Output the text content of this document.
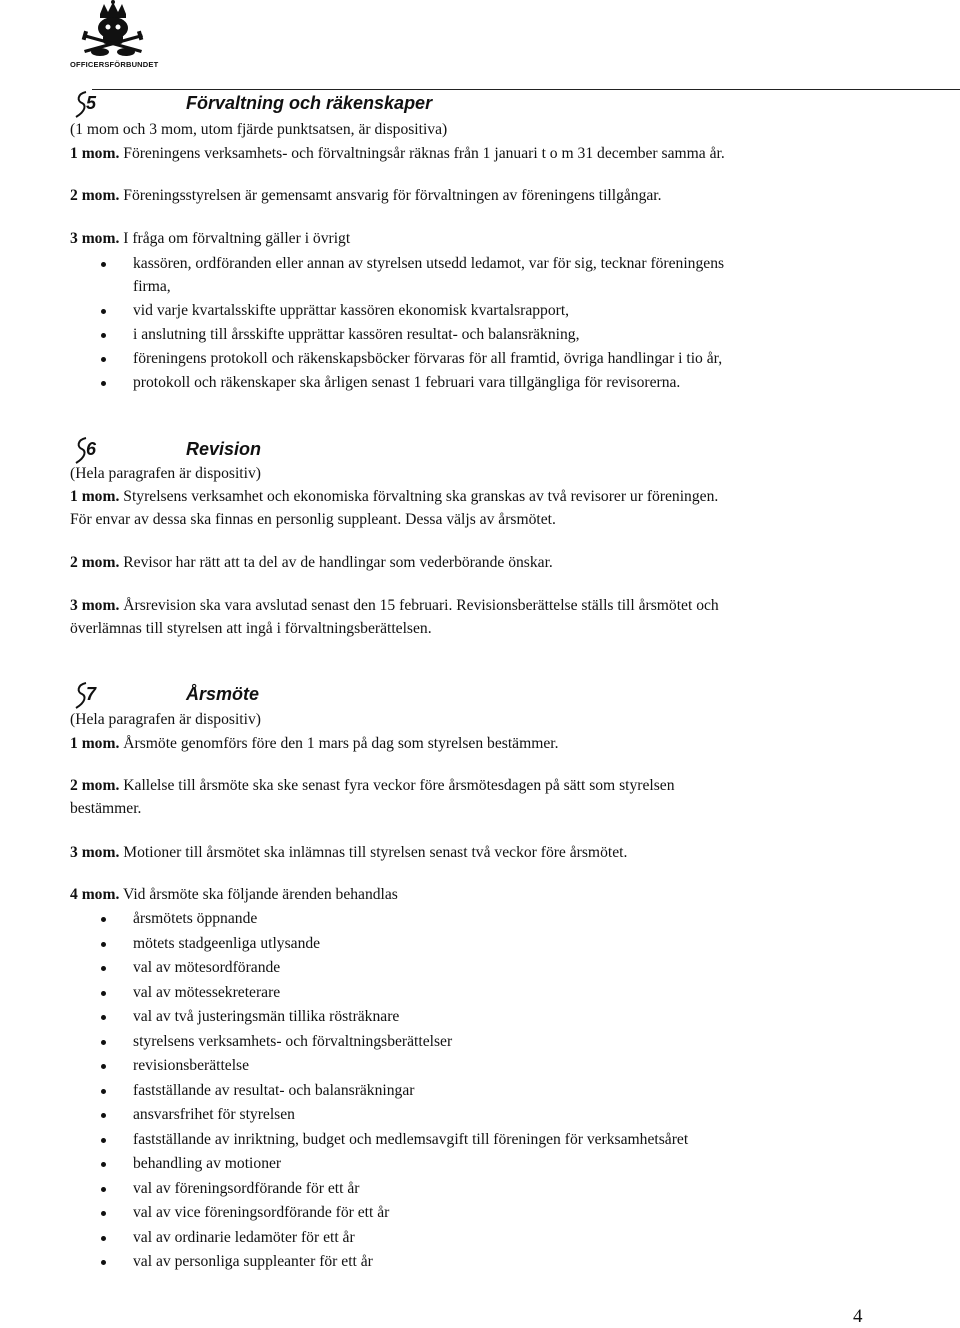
OFFICERSFÖRBUNDET
5	Förvaltning och räkenskaper
(1 mom och 3 mom, utom fjärde punktsatsen, är dispositiva)
1 mom. Föreningens verksamhets- och förvaltningsår räknas från 1 januari t o m 31 december samma år.
2 mom. Föreningsstyrelsen är gemensamt ansvarig för förvaltningen av föreningens tillgångar.
3 mom. I fråga om förvaltning gäller i övrigt
kassören, ordföranden eller annan av styrelsen utsedd ledamot, var för sig, tecknar föreningens
firma,
vid varje kvartalsskifte upprättar kassören ekonomisk kvartalsrapport,
i anslutning till årsskifte upprättar kassören resultat- och balansräkning,
föreningens protokoll och räkenskapsböcker förvaras för all framtid, övriga handlingar i tio år,
protokoll och räkenskaper ska årligen senast 1 februari vara tillgängliga för revisorerna.
6	Revision
(Hela paragrafen är dispositiv)
1 mom. Styrelsens verksamhet och ekonomiska förvaltning ska granskas av två revisorer ur föreningen.
För envar av dessa ska finnas en personlig suppleant. Dessa väljs av årsmötet.
2 mom. Revisor har rätt att ta del av de handlingar som vederbörande önskar.
3 mom. Årsrevision ska vara avslutad senast den 15 februari. Revisionsberättelse ställs till årsmötet och
överlämnas till styrelsen att ingå i förvaltningsberättelsen.
7	Årsmöte
(Hela paragrafen är dispositiv)
1 mom. Årsmöte genomförs före den 1 mars på dag som styrelsen bestämmer.
2 mom. Kallelse till årsmöte ska ske senast fyra veckor före årsmötesdagen på sätt som styrelsen
bestämmer.
3 mom. Motioner till årsmötet ska inlämnas till styrelsen senast två veckor före årsmötet.
4 mom. Vid årsmöte ska följande ärenden behandlas
årsmötets öppnande
mötets stadgeenliga utlysande
val av mötesordförande
val av mötessekreterare
val av två justeringsmän tillika rösträknare
styrelsens verksamhets- och förvaltningsberättelser
revisionsberättelse
fastställande av resultat- och balansräkningar
ansvarsfrihet för styrelsen
fastställande av inriktning, budget och medlemsavgift till föreningen för verksamhetsåret
behandling av motioner
val av föreningsordförande för ett år
val av vice föreningsordförande för ett år
val av ordinarie ledamöter för ett år
val av personliga suppleanter för ett år
4
